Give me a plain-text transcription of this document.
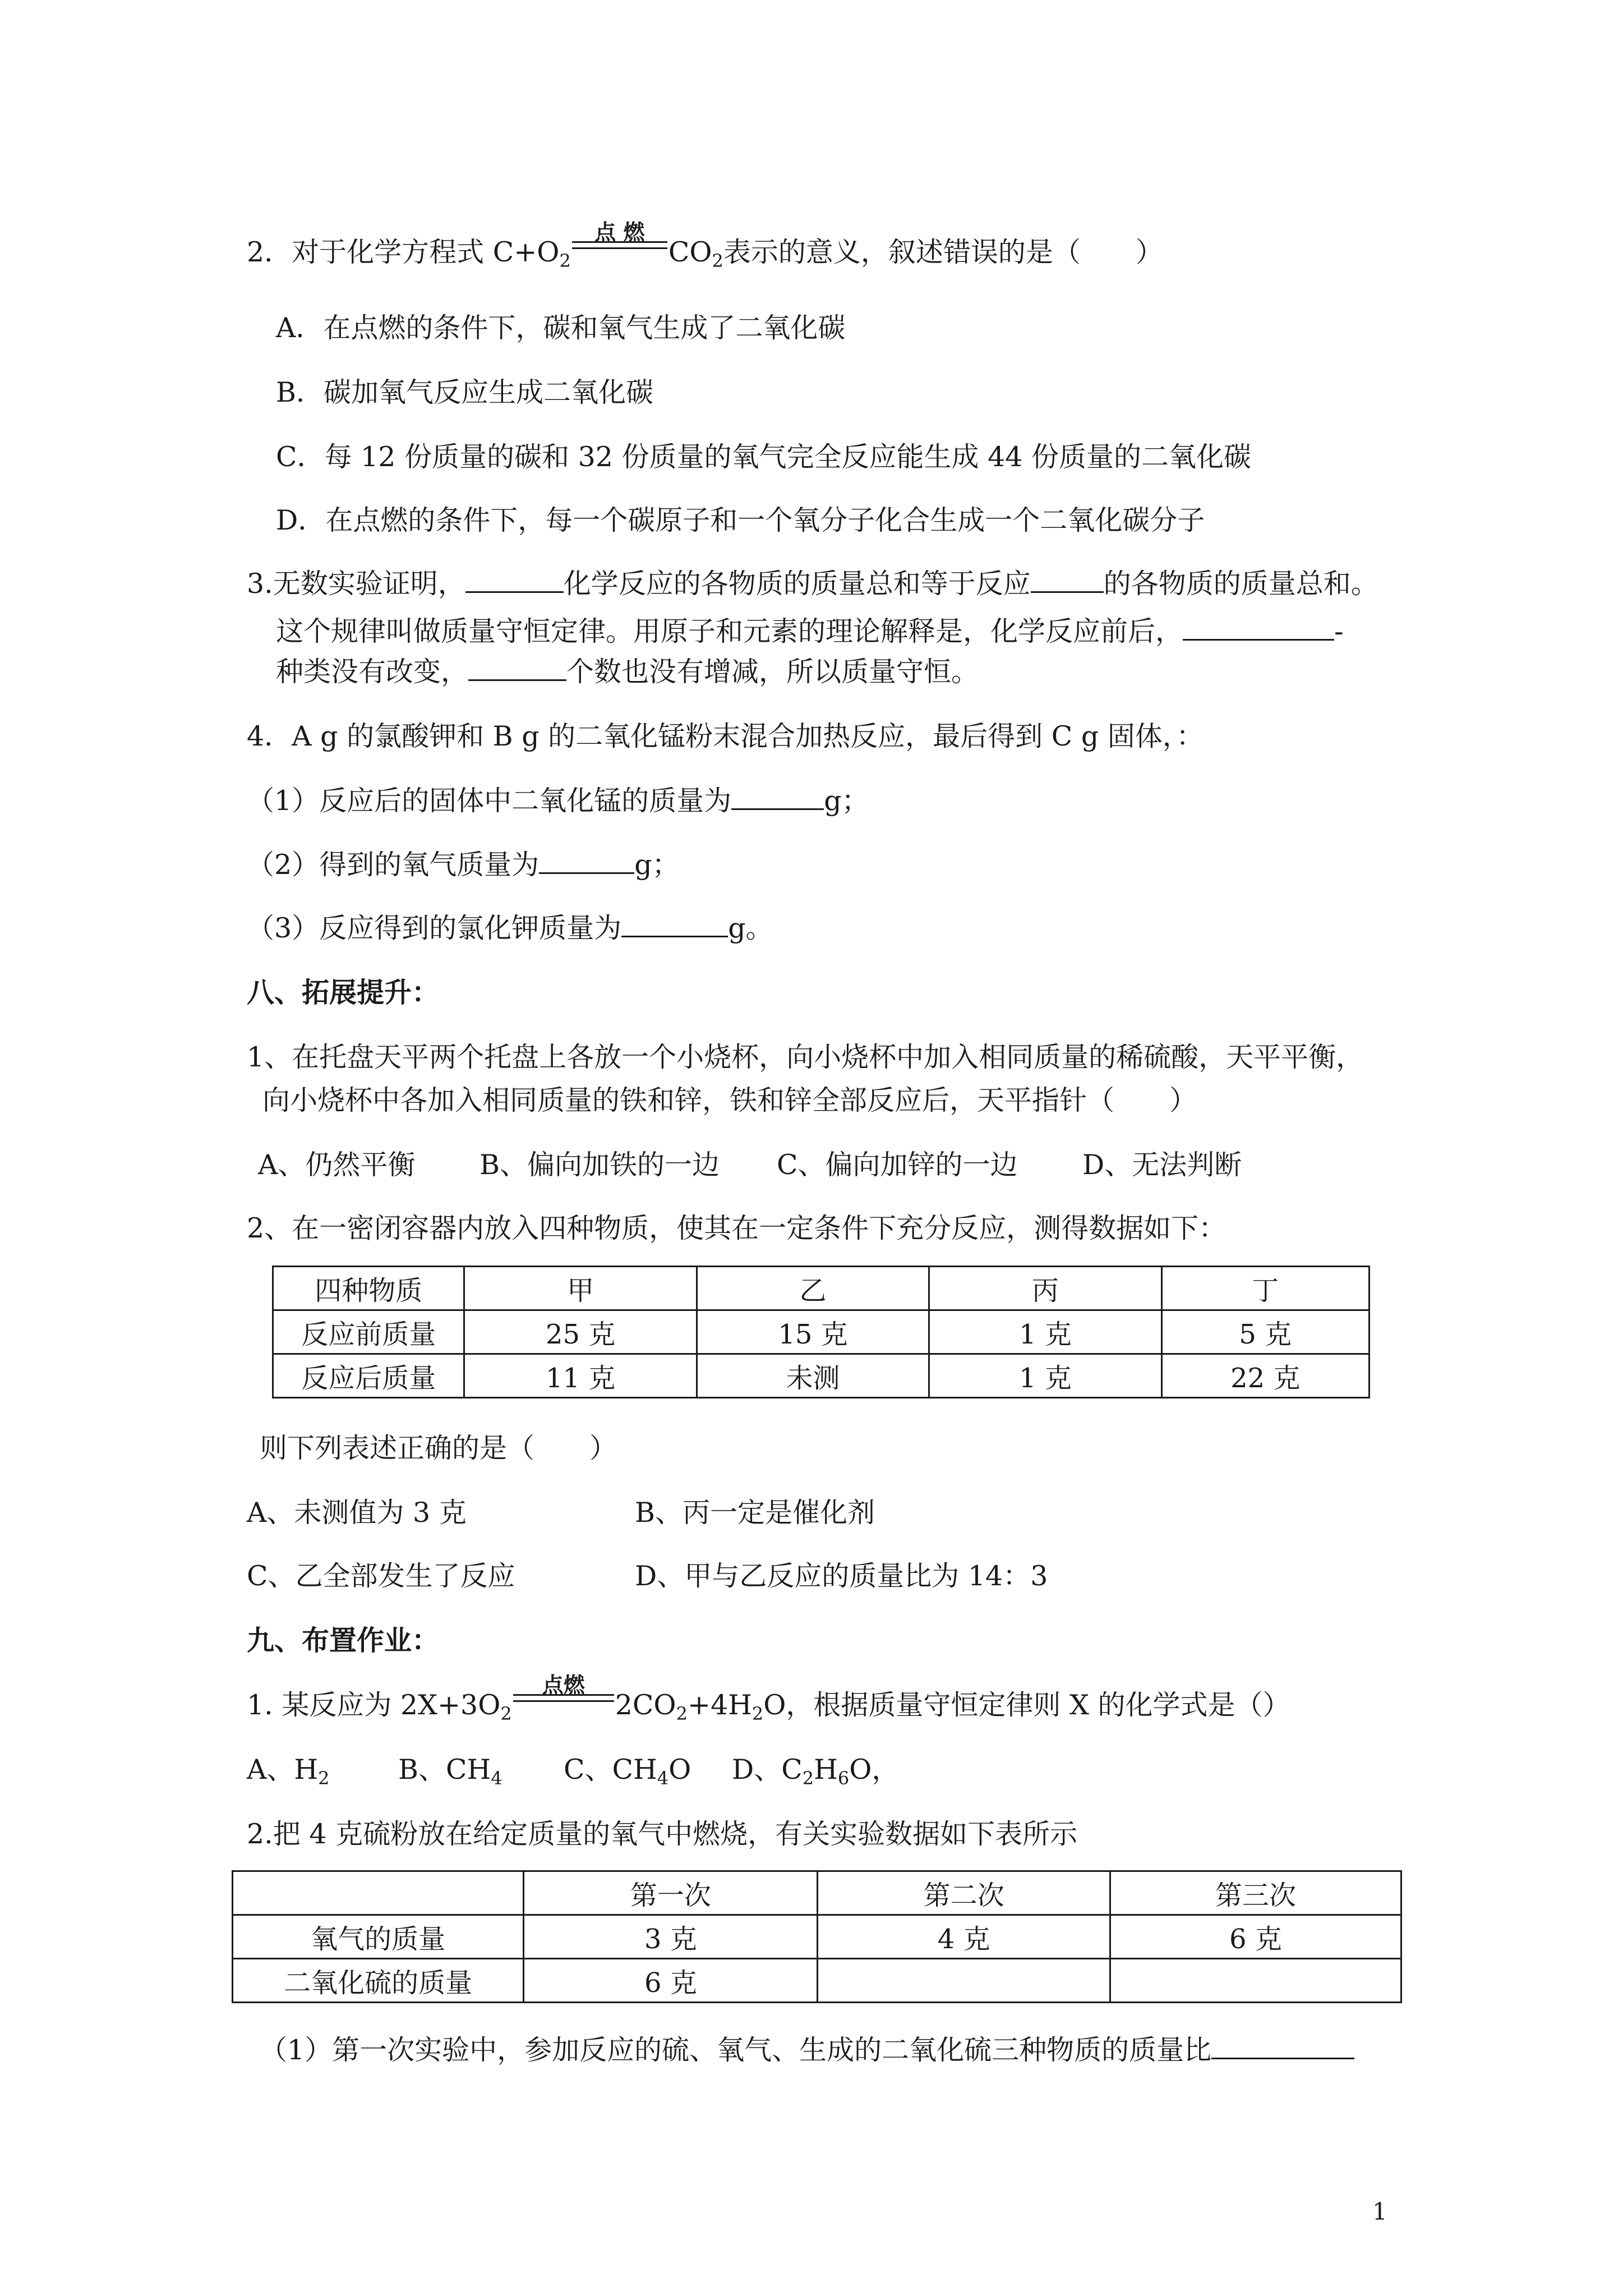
2．对于化学方程式 $C+O_2$
点 燃
$CO_2$表示的意义，叙述错误的是（　　）
A．在点燃的条件下，碳和氧气生成了二氧化碳
B．碳加氧气反应生成二氧化碳
C．每 12 份质量的碳和 32 份质量的氧气完全反应能生成 44 份质量的二氧化碳
D．在点燃的条件下，每一个碳原子和一个氧分子化合生成一个二氧化碳分子
3.无数实验证明，	化学反应的各物质的质量总和等于反应	的各物质的质量总和。
这个规律叫做质量守恒定律。用原子和元素的理论解释是，化学反应前后，	-
种类没有改变，	个数也没有增减，所以质量守恒。
4．A g 的氯酸钾和 B g 的二氧化锰粉末混合加热反应，最后得到 C g 固体，：
（1）反应后的固体中二氧化锰的质量为	g；
（2）得到的氧气质量为	g；
（3）反应得到的氯化钾质量为	g。
八、拓展提升：
1、在托盘天平两个托盘上各放一个小烧杯，向小烧杯中加入相同质量的稀硫酸，天平平衡，
向小烧杯中各加入相同质量的铁和锌，铁和锌全部反应后，天平指针（　　）
A、仍然平衡 B、偏向加铁的一边 C、偏向加锌的一边 D、无法判断
2、在一密闭容器内放入四种物质，使其在一定条件下充分反应，测得数据如下：
四种物质	甲	乙	丙	丁
反应前质量	25 克	15 克	1 克	5 克
反应后质量	11 克	未测	1 克	22 克
则下列表述正确的是（　　）
A、未测值为 3 克	B、丙一定是催化剂
C、乙全部发生了反应	D、甲与乙反应的质量比为 14：3
九、布置作业：
1. 某反应为 $2X+3O_2$
点燃
$2CO_2+4H_2O$，根据质量守恒定律则 X 的化学式是（）
A、$H_2$	B、$CH_4$ C、$CH_4O$ D、$C_2H_6O$，
2.把 4 克硫粉放在给定质量的氧气中燃烧，有关实验数据如下表所示
	第一次	第二次	第三次
氧气的质量	3 克	4 克	6 克
二氧化硫的质量	6 克		
（1）第一次实验中，参加反应的硫、氧气、生成的二氧化硫三种物质的质量比
1
